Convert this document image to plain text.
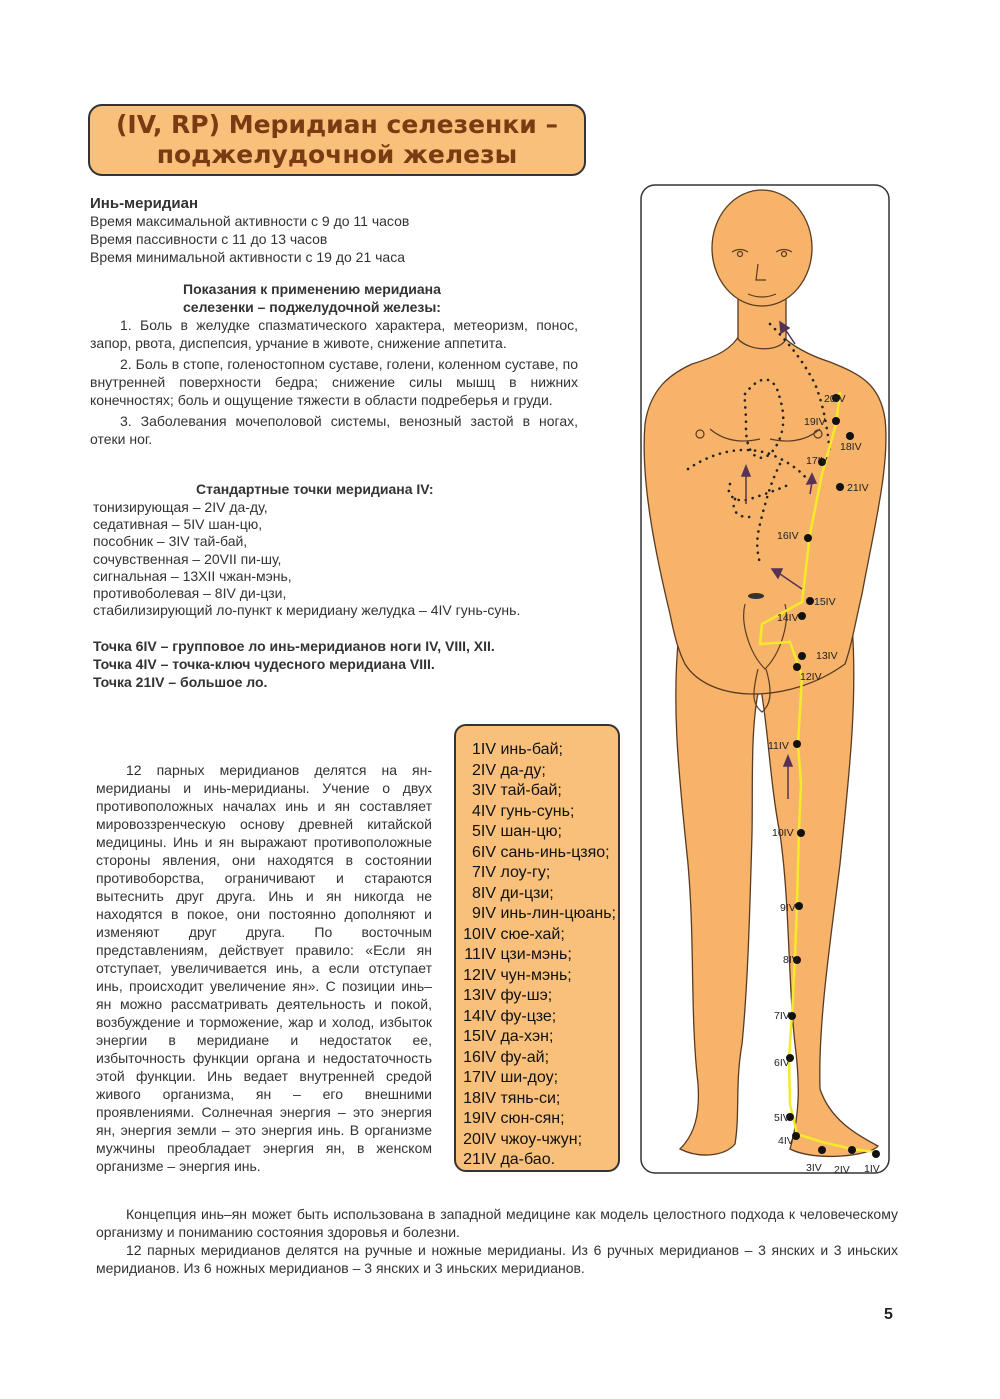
(IV, RP) Меридиан селезенки –
поджелудочной железы
Инь-меридиан
Время максимальной активности с 9 до 11 часов
Время пассивности с 11 до 13 часов
Время минимальной активности с 19 до 21 часа
Показания к применению меридиана
селезенки – поджелудочной железы:

1. Боль в желудке спазматического характера, метеоризм, понос, запор, рвота, диспепсия, урчание в животе, снижение аппетита.

2. Боль в стопе, голеностопном суставе, голени, коленном суставе, по внутренней поверхности бедра; снижение силы мышц в нижних конечностях; боль и ощущение тяжести в области подреберья и груди.

3. Заболевания мочеполовой системы, венозный застой в ногах, отеки ног.

Стандартные точки меридиана IV:
тонизирующая – 2IV да-ду,
седативная – 5IV шан-цю,
пособник – 3IV тай-бай,
сочувственная – 20VII пи-шу,
сигнальная – 13XII чжан-мэнь,
противоболевая – 8IV ди-цзи,
стабилизирующий ло-пункт к меридиану желудка – 4IV гунь-сунь.
Точка 6IV – групповое ло инь-меридианов ноги IV, VIII, XII.
Точка 4IV – точка-ключ чудесного меридиана VIII.
Точка 21IV – большое ло.

12 парных меридианов делятся на ян-меридианы и инь-меридианы. Учение о двух противоположных началах инь и ян составляет мировоззренческую основу древней китайской медицины. Инь и ян выражают противоположные стороны явления, они находятся в состоянии противоборства, ограничивают и стараются вытеснить друг друга. Инь и ян никогда не находятся в покое, они постоянно дополняют и изменяют друг друга. По восточным представлениям, действует правило: «Если ян отступает, увеличивается инь, а если отступает инь, происходит увеличение ян». С позиции инь–ян можно рассматривать деятельность и покой, возбуждение и торможение, жар и холод, избыток энергии в меридиане и недостаток ее, избыточность функции органа и недостаточность этой функции. Инь ведает внутренней средой живого организма, ян – его внешними проявлениями. Солнечная энергия – это энергия ян, энергия земли – это энергия инь. В организме мужчины преобладает энергия ян, в женском организме – энергия инь.

1IV инь-бай;
2IV да-ду;
3IV тай-бай;
4IV гунь-сунь;
5IV шан-цю;
6IV сань-инь-цзяо;
7IV лоу-гу;
8IV ди-цзи;
9IV инь-лин-цюань;
10IV сюе-хай;
11IV цзи-мэнь;
12IV чун-мэнь;
13IV фу-шэ;
14IV фу-цзе;
15IV да-хэн;
16IV фу-ай;
17IV ши-доу;
18IV тянь-си;
19IV сюн-сян;
20IV чжоу-чжун;
21IV да-бао.
20IV
19IV
18IV
17IV
21IV
16IV
15IV
14IV
13IV
12IV
11IV
10IV
9IV
8IV
7IV
6IV
5IV
4IV
3IV 2IV 1IV

Концепция инь–ян может быть использована в западной медицине как модель целостного подхода к человеческому организму и пониманию состояния здоровья и болезни.

12 парных меридианов делятся на ручные и ножные меридианы. Из 6 ручных меридианов – 3 янских и 3 иньских меридианов. Из 6 ножных меридианов – 3 янских и 3 иньских меридианов.

5
